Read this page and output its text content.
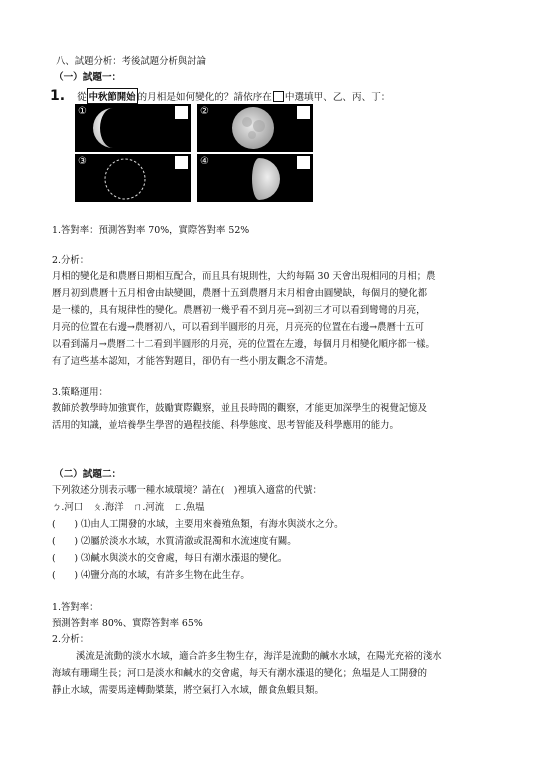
八、試題分析：考後試題分析與討論
（一）試題一：
1. 從 中秋節開始 的月相是如何變化的？請依序在 中選填甲、乙、丙、丁：
①	②
③	④
1.答對率：預測答對率 70%，實際答對率 52%
2.分析：
月相的變化是和農曆日期相互配合，而且具有規則性，大約每隔 30 天會出現相同的月相；農
曆月初到農曆十五月相會由缺變圓，農曆十五到農曆月末月相會由圓變缺，每個月的變化都
是一樣的，具有規律性的變化。農曆初一幾乎看不到月亮→到初三才可以看到彎彎的月亮，
月亮的位置在右邊→農曆初八，可以看到半圓形的月亮，月亮亮的位置在右邊→農曆十五可
以看到滿月→農曆二十二看到半圓形的月亮，亮的位置在左邊，每個月月相變化順序都一樣。
有了這些基本認知，才能答對題目，卻仍有一些小朋友觀念不清楚。
3.策略運用：
教師於教學時加強實作，鼓勵實際觀察，並且長時間的觀察，才能更加深學生的視覺記憶及
活用的知識，並培養學生學習的過程技能、科學態度、思考智能及科學應用的能力。
（二）試題二：
下列敘述分別表示哪一種水域環境？請在(　)裡填入適當的代號：
ㄅ.河口　ㄆ.海洋　ㄇ.河流　ㄈ.魚塭
(　　) ⑴由人工開發的水域，主要用來養殖魚類，有海水與淡水之分。
(　　) ⑵屬於淡水水域，水質清澈或混濁和水流速度有關。
(　　) ⑶鹹水與淡水的交會處，每日有潮水漲退的變化。
(　　) ⑷鹽分高的水域，有許多生物在此生存。
1.答對率：
預測答對率 80%、實際答對率 65%
2.分析：
溪流是流動的淡水水域，適合許多生物生存，海洋是流動的鹹水水域，在陽光充裕的淺水
海域有珊瑚生長；河口是淡水和鹹水的交會處，每天有潮水漲退的變化；魚塭是人工開發的
靜止水域，需要馬達轉動槳葉，將空氣打入水域，餵食魚蝦貝類。
